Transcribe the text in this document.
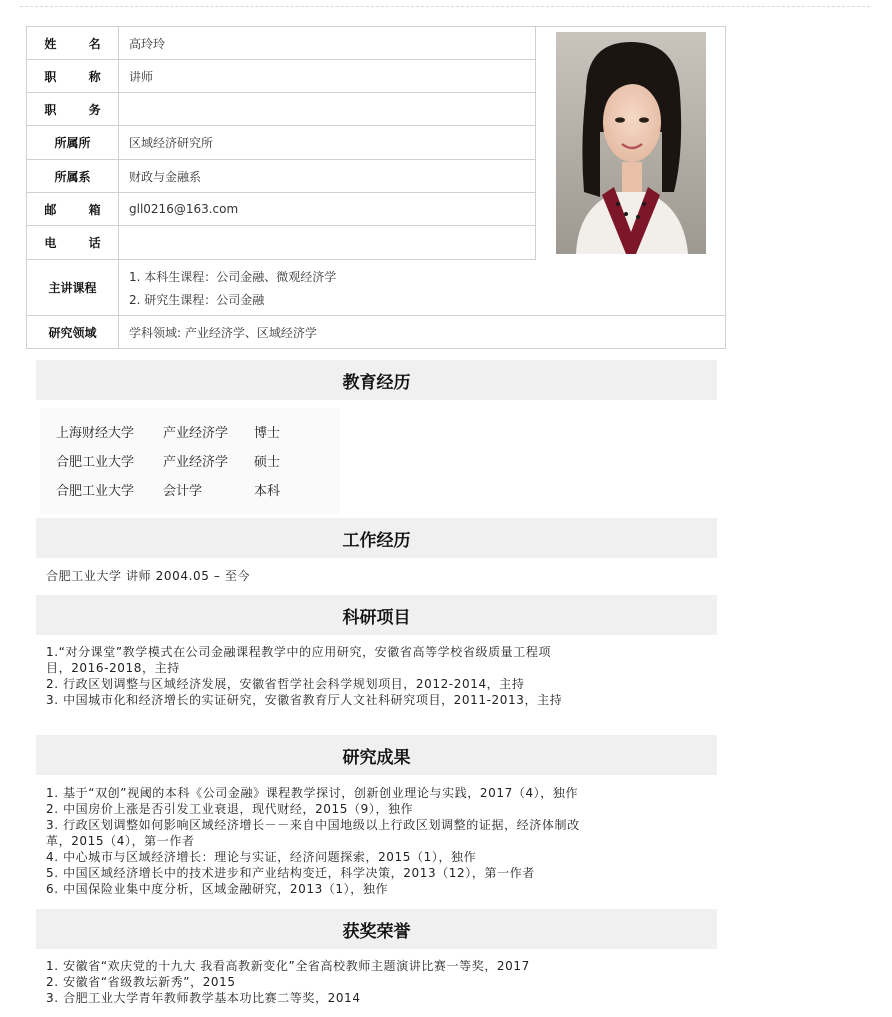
姓 名	高玲玲
职 称	讲师
职 务
所属所	区域经济研究所
所属系	财政与金融系
邮 箱	gll0216@163.com
电 话
主讲课程
1. 本科生课程：公司金融、微观经济学
2. 研究生课程：公司金融
研究领域	学科领域: 产业经济学、区域经济学
教育经历
上海财经大学 产业经济学 博士
合肥工业大学 产业经济学 硕士
合肥工业大学 会计学	本科
工作经历
合肥工业大学 讲师 2004.05 – 至今
科研项目
1.“对分课堂”教学模式在公司金融课程教学中的应用研究，安徽省高等学校省级质量工程项
目，2016-2018，主持
2. 行政区划调整与区域经济发展，安徽省哲学社会科学规划项目，2012-2014，主持
3. 中国城市化和经济增长的实证研究，安徽省教育厅人文社科研究项目，2011-2013，主持
研究成果
1. 基于“双创”视阈的本科《公司金融》课程教学探讨，创新创业理论与实践，2017（4），独作
2. 中国房价上涨是否引发工业衰退，现代财经，2015（9），独作
3. 行政区划调整如何影响区域经济增长－－来自中国地级以上行政区划调整的证据，经济体制改
革，2015（4），第一作者
4. 中心城市与区域经济增长：理论与实证，经济问题探索，2015（1），独作
5. 中国区域经济增长中的技术进步和产业结构变迁，科学决策，2013（12），第一作者
6. 中国保险业集中度分析，区域金融研究，2013（1），独作
获奖荣誉
1. 安徽省“欢庆党的十九大 我看高教新变化”全省高校教师主题演讲比赛一等奖，2017
2. 安徽省“省级教坛新秀”，2015
3. 合肥工业大学青年教师教学基本功比赛二等奖，2014
